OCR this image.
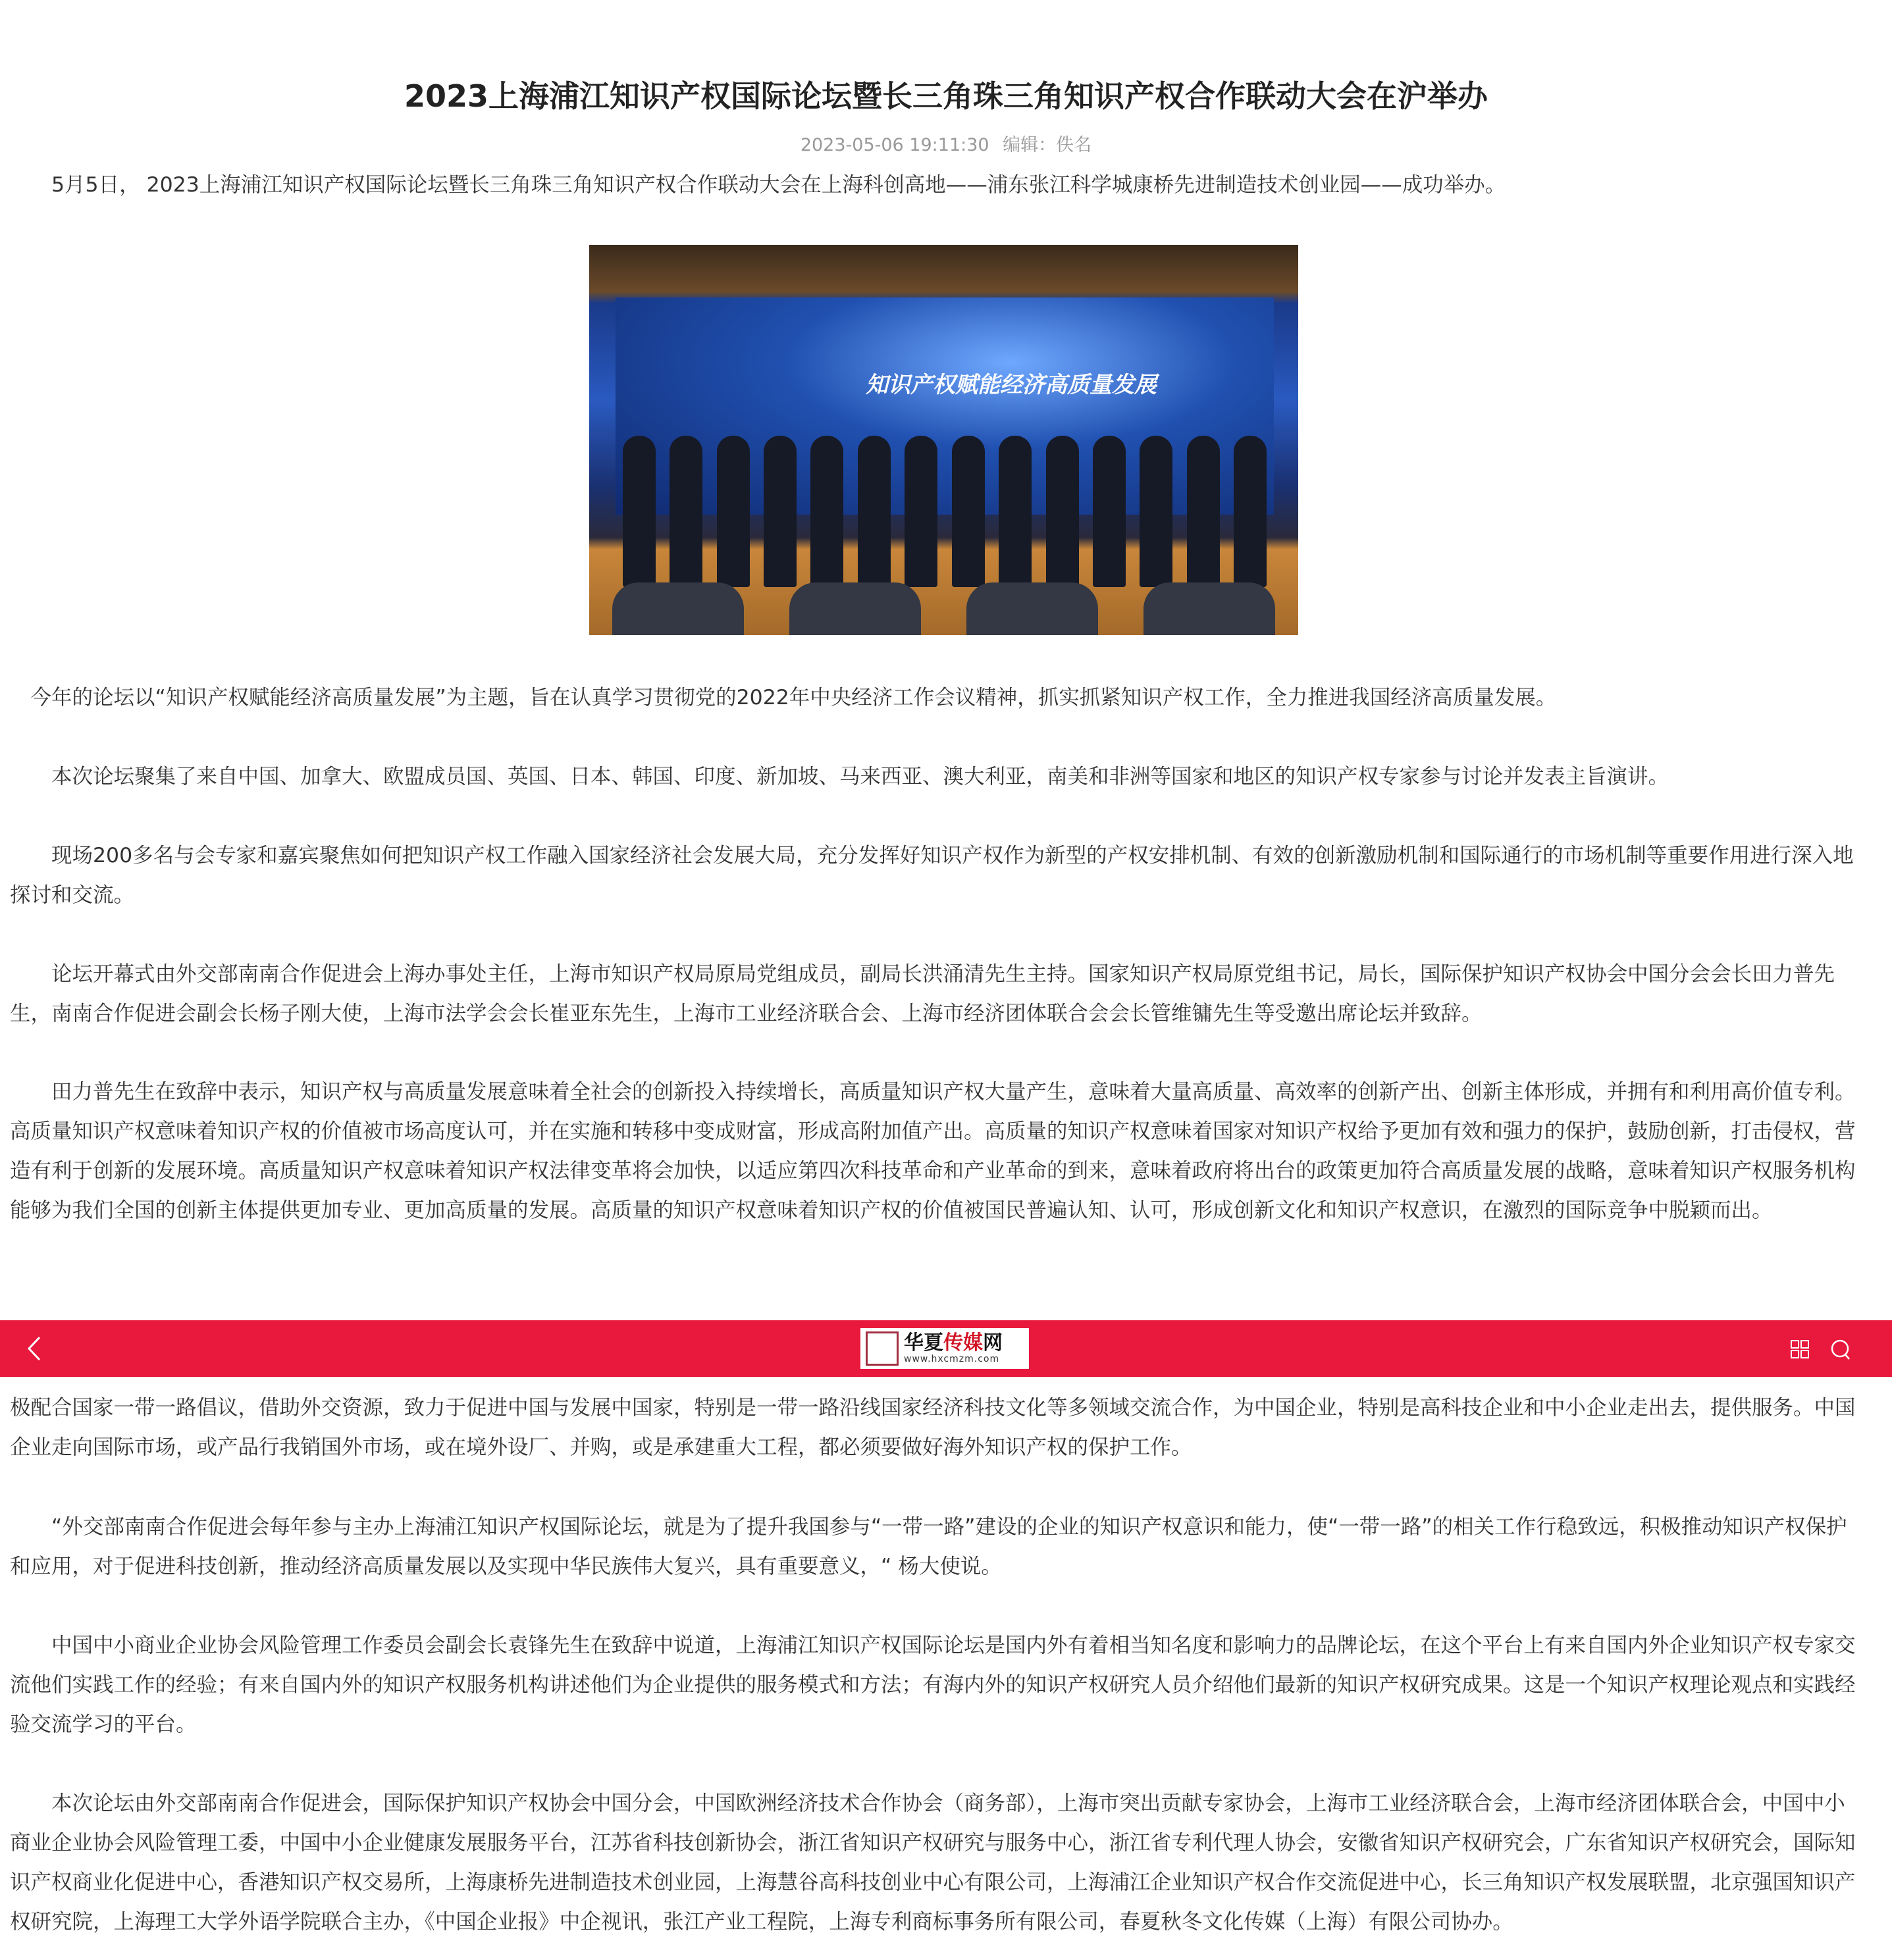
2023上海浦江知识产权国际论坛暨长三角珠三角知识产权合作联动大会在沪举办
2023-05-06 19:11:30 编辑：佚名

5月5日， 2023上海浦江知识产权国际论坛暨长三角珠三角知识产权合作联动大会在上海科创高地——浦东张江科学城康桥先进制造技术创业园——成功举办。

知识产权赋能经济高质量发展

今年的论坛以“知识产权赋能经济高质量发展”为主题，旨在认真学习贯彻党的2022年中央经济工作会议精神，抓实抓紧知识产权工作，全力推进我国经济高质量发展。

本次论坛聚集了来自中国、加拿大、欧盟成员国、英国、日本、韩国、印度、新加坡、马来西亚、澳大利亚，南美和非洲等国家和地区的知识产权专家参与讨论并发表主旨演讲。

现场200多名与会专家和嘉宾聚焦如何把知识产权工作融入国家经济社会发展大局，充分发挥好知识产权作为新型的产权安排机制、有效的创新激励机制和国际通行的市场机制等重要作用进行深入地探讨和交流。

论坛开幕式由外交部南南合作促进会上海办事处主任，上海市知识产权局原局党组成员，副局长洪涌清先生主持。国家知识产权局原党组书记，局长，国际保护知识产权协会中国分会会长田力普先生，南南合作促进会副会长杨子刚大使，上海市法学会会长崔亚东先生，上海市工业经济联合会、上海市经济团体联合会会长管维镛先生等受邀出席论坛并致辞。

田力普先生在致辞中表示，知识产权与高质量发展意味着全社会的创新投入持续增长，高质量知识产权大量产生，意味着大量高质量、高效率的创新产出、创新主体形成，并拥有和利用高价值专利。高质量知识产权意味着知识产权的价值被市场高度认可，并在实施和转移中变成财富，形成高附加值产出。高质量的知识产权意味着国家对知识产权给予更加有效和强力的保护，鼓励创新，打击侵权，营造有利于创新的发展环境。高质量知识产权意味着知识产权法律变革将会加快，以适应第四次科技革命和产业革命的到来，意味着政府将出台的政策更加符合高质量发展的战略，意味着知识产权服务机构能够为我们全国的创新主体提供更加专业、更加高质量的发展。高质量的知识产权意味着知识产权的价值被国民普遍认知、认可，形成创新文化和知识产权意识，在激烈的国际竞争中脱颖而出。

极配合国家一带一路倡议，借助外交资源，致力于促进中国与发展中国家，特别是一带一路沿线国家经济科技文化等多领域交流合作，为中国企业，特别是高科技企业和中小企业走出去，提供服务。中国企业走向国际市场，或产品行我销国外市场，或在境外设厂、并购，或是承建重大工程，都必须要做好海外知识产权的保护工作。

“外交部南南合作促进会每年参与主办上海浦江知识产权国际论坛，就是为了提升我国参与“一带一路”建设的企业的知识产权意识和能力，使“一带一路”的相关工作行稳致远，积极推动知识产权保护和应用，对于促进科技创新，推动经济高质量发展以及实现中华民族伟大复兴，具有重要意义，“ 杨大使说。

中国中小商业企业协会风险管理工作委员会副会长袁锋先生在致辞中说道，上海浦江知识产权国际论坛是国内外有着相当知名度和影响力的品牌论坛，在这个平台上有来自国内外企业知识产权专家交流他们实践工作的经验；有来自国内外的知识产权服务机构讲述他们为企业提供的服务模式和方法；有海内外的知识产权研究人员介绍他们最新的知识产权研究成果。这是一个知识产权理论观点和实践经验交流学习的平台。

本次论坛由外交部南南合作促进会，国际保护知识产权协会中国分会，中国欧洲经济技术合作协会（商务部），上海市突出贡献专家协会，上海市工业经济联合会，上海市经济团体联合会，中国中小商业企业协会风险管理工委，中国中小企业健康发展服务平台，江苏省科技创新协会，浙江省知识产权研究与服务中心，浙江省专利代理人协会，安徽省知识产权研究会，广东省知识产权研究会，国际知识产权商业化促进中心，香港知识产权交易所，上海康桥先进制造技术创业园，上海慧谷高科技创业中心有限公司，上海浦江企业知识产权合作交流促进中心，长三角知识产权发展联盟，北京强国知识产权研究院，上海理工大学外语学院联合主办，《中国企业报》中企视讯，张江产业工程院，上海专利商标事务所有限公司，春夏秋冬文化传媒（上海）有限公司协办。

华夏传媒网
www.hxcmzm.com
